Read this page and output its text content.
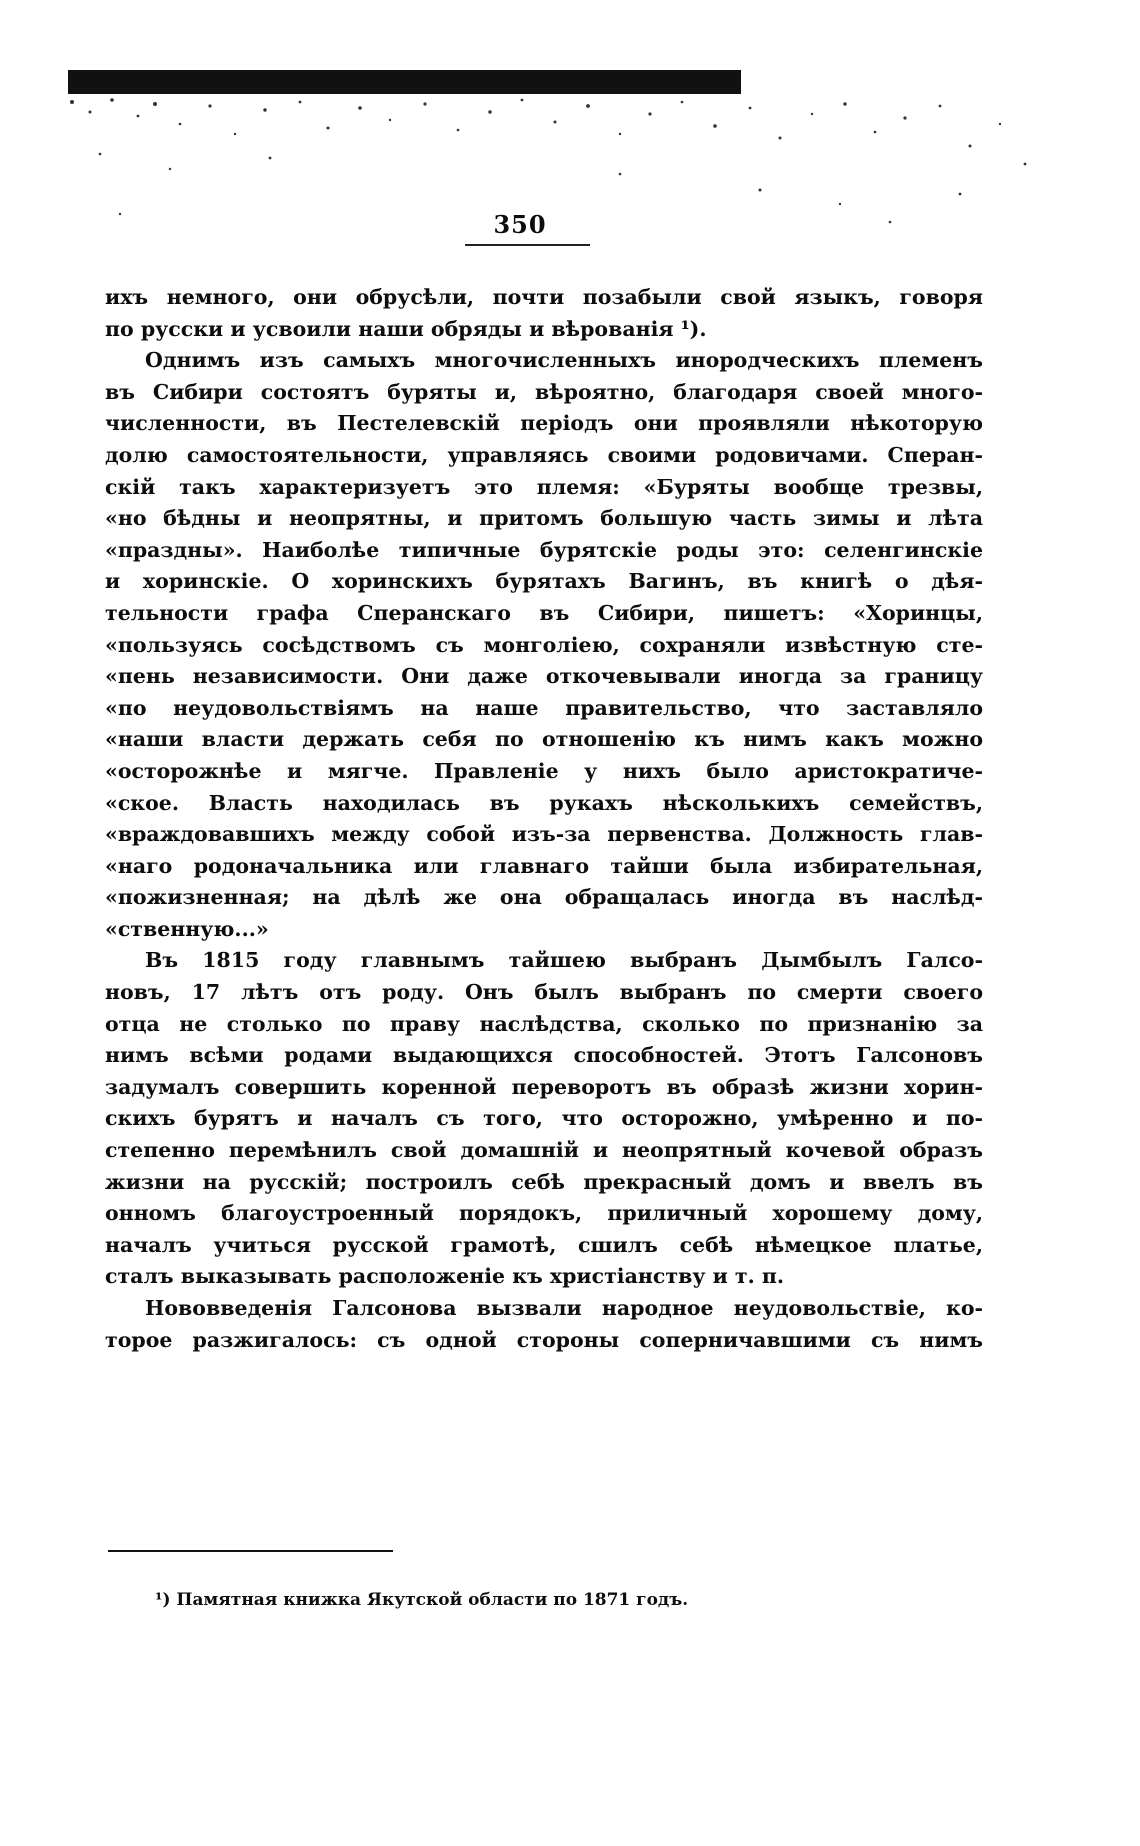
350
ихъ немного, они обрусѣли, почти позабыли свой языкъ, говоря
по русски и усвоили наши обряды и вѣрованія ¹).
Однимъ изъ самыхъ многочисленныхъ инородческихъ племенъ
въ Сибири состоятъ буряты и, вѣроятно, благодаря своей много-
численности, въ Пестелевскій періодъ они проявляли нѣкоторую
долю самостоятельности, управляясь своими родовичами. Сперан-
скій такъ характеризуетъ это племя: «Буряты вообще трезвы,
«но бѣдны и неопрятны, и притомъ большую часть зимы и лѣта
«праздны». Наиболѣе типичные бурятскіе роды это: селенгинскіе
и хоринскіе. О хоринскихъ бурятахъ Вагинъ, въ книгѣ о дѣя-
тельности графа Сперанскаго въ Сибири, пишетъ: «Хоринцы,
«пользуясь сосѣдствомъ съ монголіею, сохраняли извѣстную сте-
«пень независимости. Они даже откочевывали иногда за границу
«по неудовольствіямъ на наше правительство, что заставляло
«наши власти держать себя по отношенію къ нимъ какъ можно
«осторожнѣе и мягче. Правленіе у нихъ было аристократиче-
«ское. Власть находилась въ рукахъ нѣсколькихъ семействъ,
«враждовавшихъ между собой изъ-за первенства. Должность глав-
«наго родоначальника или главнаго тайши была избирательная,
«пожизненная; на дѣлѣ же она обращалась иногда въ наслѣд-
«ственную...»
Въ 1815 году главнымъ тайшею выбранъ Дымбылъ Галсо-
новъ, 17 лѣтъ отъ роду. Онъ былъ выбранъ по смерти своего
отца не столько по праву наслѣдства, сколько по признанію за
нимъ всѣми родами выдающихся способностей. Этотъ Галсоновъ
задумалъ совершить коренной переворотъ въ образѣ жизни хорин-
скихъ бурятъ и началъ съ того, что осторожно, умѣренно и по-
степенно перемѣнилъ свой домашній и неопрятный кочевой образъ
жизни на русскій; построилъ себѣ прекрасный домъ и ввелъ въ
онномъ благоустроенный порядокъ, приличный хорошему дому,
началъ учиться русской грамотѣ, сшилъ себѣ нѣмецкое платье,
сталъ выказывать расположеніе къ христіанству и т. п.
Нововведенія Галсонова вызвали народное неудовольствіе, ко-
торое разжигалось: съ одной стороны соперничавшими съ нимъ
¹) Памятная книжка Якутской области по 1871 годъ.
